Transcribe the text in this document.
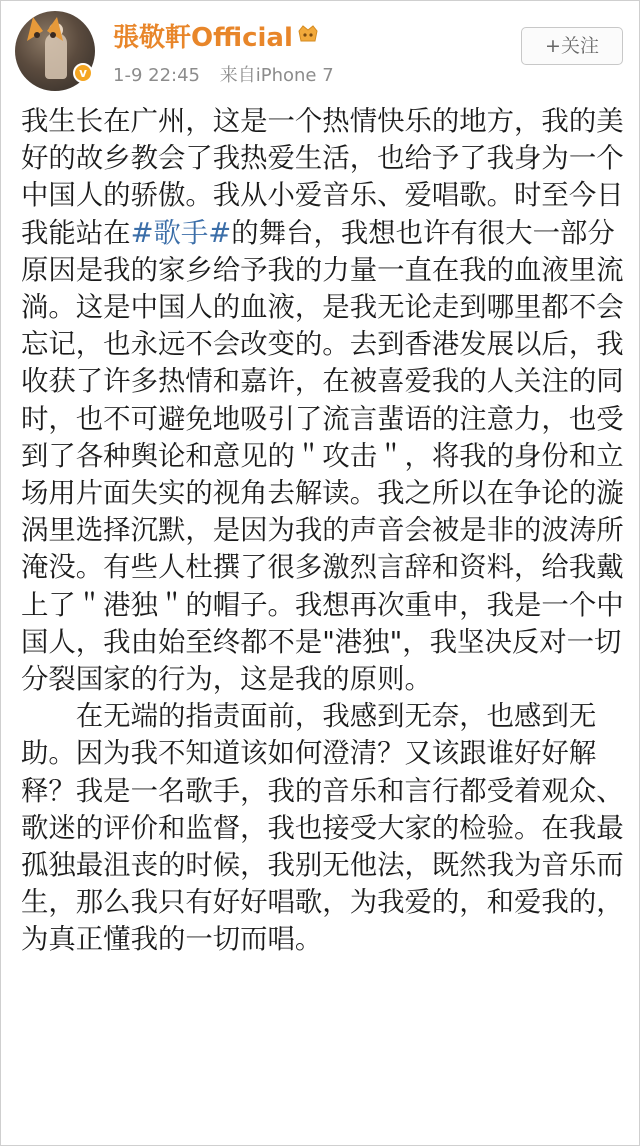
v
張敬軒Official
1-9 22:45 来自iPhone 7
+关注

我生长在广州，这是一个热情快乐的地方，我的美好的故乡教会了我热爱生活，也给予了我身为一个中国人的骄傲。我从小爱音乐、爱唱歌。时至今日我能站在#歌手#的舞台，我想也许有很大一部分原因是我的家乡给予我的力量一直在我的血液里流淌。这是中国人的血液，是我无论走到哪里都不会忘记，也永远不会改变的。去到香港发展以后，我收获了许多热情和嘉许，在被喜爱我的人关注的同时，也不可避免地吸引了流言蜚语的注意力，也受到了各种舆论和意见的＂攻击＂，将我的身份和立场用片面失实的视角去解读。我之所以在争论的漩涡里选择沉默，是因为我的声音会被是非的波涛所淹没。有些人杜撰了很多激烈言辞和资料，给我戴上了＂港独＂的帽子。我想再次重申，我是一个中国人，我由始至终都不是"港独"，我坚决反对一切分裂国家的行为，这是我的原则。

在无端的指责面前，我感到无奈，也感到无助。因为我不知道该如何澄清？又该跟谁好好解释？我是一名歌手，我的音乐和言行都受着观众、歌迷的评价和监督，我也接受大家的检验。在我最孤独最沮丧的时候，我别无他法，既然我为音乐而生，那么我只有好好唱歌，为我爱的，和爱我的，为真正懂我的一切而唱。
